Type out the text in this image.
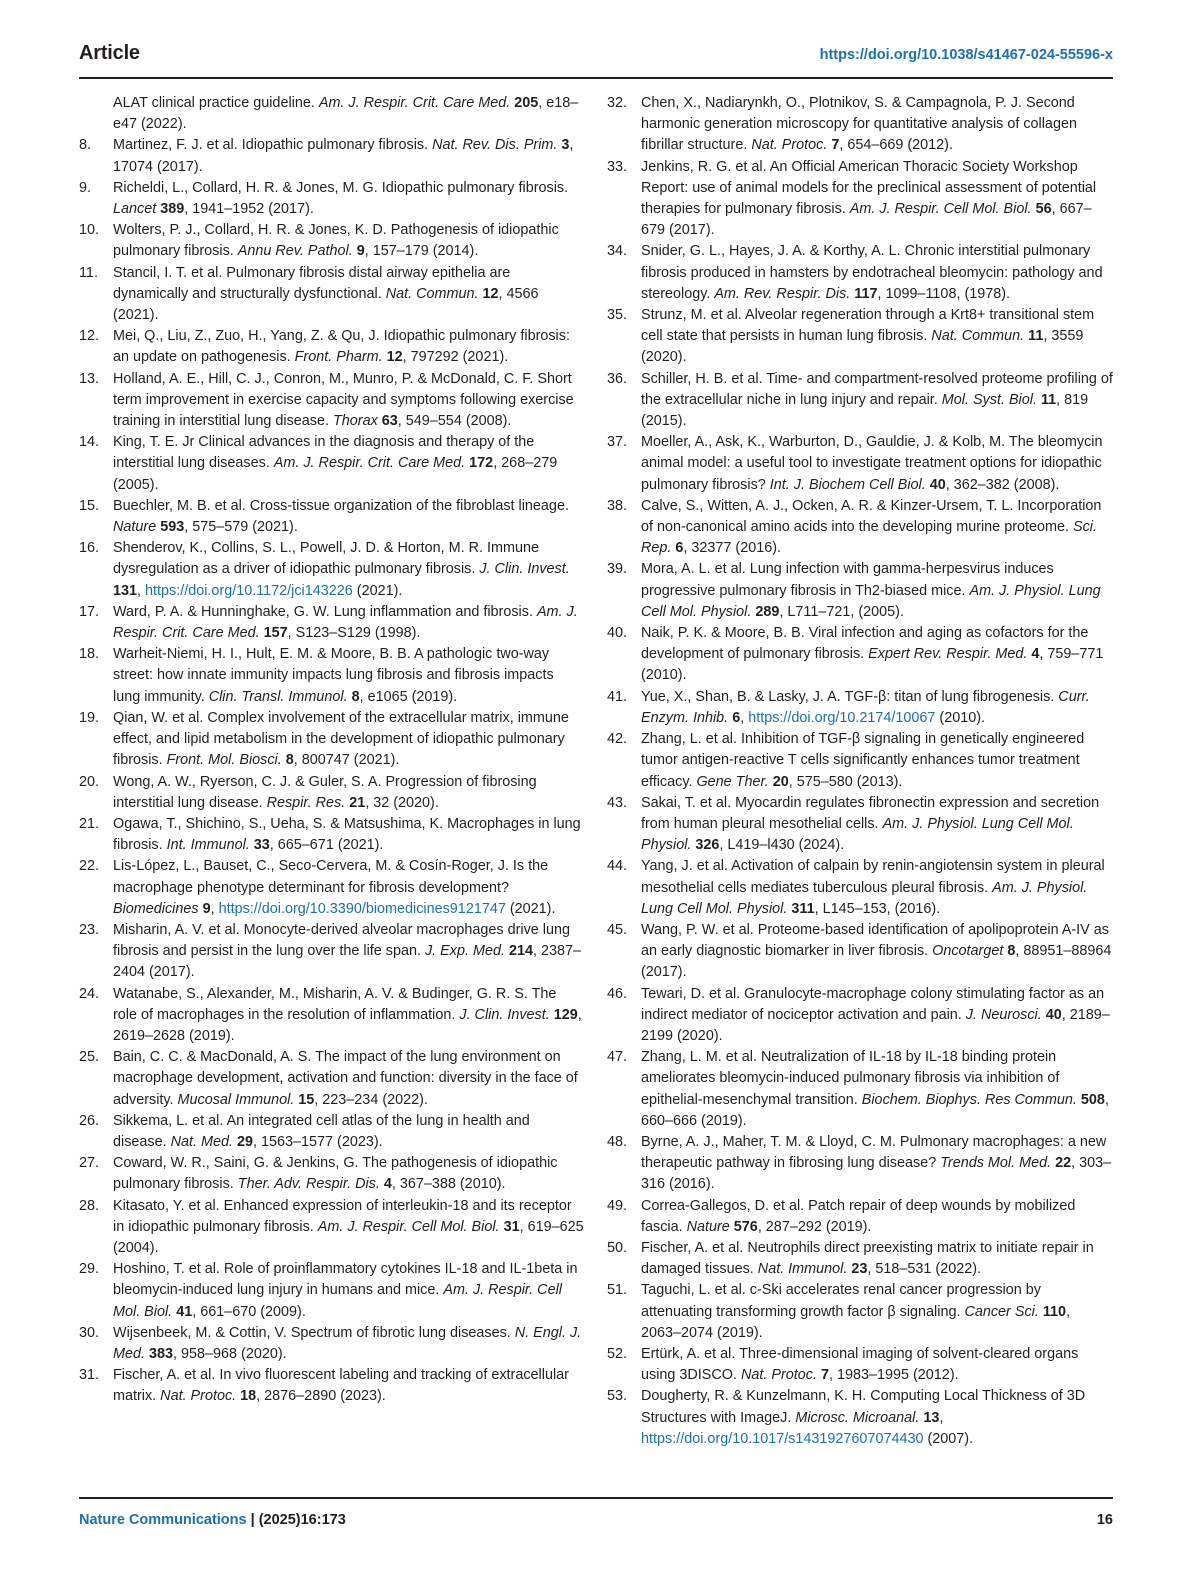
Article	https://doi.org/10.1038/s41467-024-55596-x
ALAT clinical practice guideline. Am. J. Respir. Crit. Care Med. 205, e18–e47 (2022).
8.	Martinez, F. J. et al. Idiopathic pulmonary fibrosis. Nat. Rev. Dis. Prim. 3, 17074 (2017).
9.	Richeldi, L., Collard, H. R. & Jones, M. G. Idiopathic pulmonary fibrosis. Lancet 389, 1941–1952 (2017).
10. Wolters, P. J., Collard, H. R. & Jones, K. D. Pathogenesis of idiopathic pulmonary fibrosis. Annu Rev. Pathol. 9, 157–179 (2014).
11.	Stancil, I. T. et al. Pulmonary fibrosis distal airway epithelia are dynamically and structurally dysfunctional. Nat. Commun. 12, 4566 (2021).
12. Mei, Q., Liu, Z., Zuo, H., Yang, Z. & Qu, J. Idiopathic pulmonary fibrosis: an update on pathogenesis. Front. Pharm. 12, 797292 (2021).
13. Holland, A. E., Hill, C. J., Conron, M., Munro, P. & McDonald, C. F. Short term improvement in exercise capacity and symptoms following exercise training in interstitial lung disease. Thorax 63, 549–554 (2008).
14. King, T. E. Jr Clinical advances in the diagnosis and therapy of the interstitial lung diseases. Am. J. Respir. Crit. Care Med. 172, 268–279 (2005).
15. Buechler, M. B. et al. Cross-tissue organization of the fibroblast lineage. Nature 593, 575–579 (2021).
16. Shenderov, K., Collins, S. L., Powell, J. D. & Horton, M. R. Immune dysregulation as a driver of idiopathic pulmonary fibrosis. J. Clin. Invest. 131, https://doi.org/10.1172/jci143226 (2021).
17. Ward, P. A. & Hunninghake, G. W. Lung inflammation and fibrosis. Am. J. Respir. Crit. Care Med. 157, S123–S129 (1998).
18. Warheit-Niemi, H. I., Hult, E. M. & Moore, B. B. A pathologic two-way street: how innate immunity impacts lung fibrosis and fibrosis impacts lung immunity. Clin. Transl. Immunol. 8, e1065 (2019).
19. Qian, W. et al. Complex involvement of the extracellular matrix, immune effect, and lipid metabolism in the development of idiopathic pulmonary fibrosis. Front. Mol. Biosci. 8, 800747 (2021).
20. Wong, A. W., Ryerson, C. J. & Guler, S. A. Progression of fibrosing interstitial lung disease. Respir. Res. 21, 32 (2020).
21. Ogawa, T., Shichino, S., Ueha, S. & Matsushima, K. Macrophages in lung fibrosis. Int. Immunol. 33, 665–671 (2021).
22. Lis-López, L., Bauset, C., Seco-Cervera, M. & Cosín-Roger, J. Is the macrophage phenotype determinant for fibrosis development? Biomedicines 9, https://doi.org/10.3390/biomedicines9121747 (2021).
23. Misharin, A. V. et al. Monocyte-derived alveolar macrophages drive lung fibrosis and persist in the lung over the life span. J. Exp. Med. 214, 2387–2404 (2017).
24. Watanabe, S., Alexander, M., Misharin, A. V. & Budinger, G. R. S. The role of macrophages in the resolution of inflammation. J. Clin. Invest. 129, 2619–2628 (2019).
25. Bain, C. C. & MacDonald, A. S. The impact of the lung environment on macrophage development, activation and function: diversity in the face of adversity. Mucosal Immunol. 15, 223–234 (2022).
26. Sikkema, L. et al. An integrated cell atlas of the lung in health and disease. Nat. Med. 29, 1563–1577 (2023).
27. Coward, W. R., Saini, G. & Jenkins, G. The pathogenesis of idiopathic pulmonary fibrosis. Ther. Adv. Respir. Dis. 4, 367–388 (2010).
28. Kitasato, Y. et al. Enhanced expression of interleukin-18 and its receptor in idiopathic pulmonary fibrosis. Am. J. Respir. Cell Mol. Biol. 31, 619–625 (2004).
29. Hoshino, T. et al. Role of proinflammatory cytokines IL-18 and IL-1beta in bleomycin-induced lung injury in humans and mice. Am. J. Respir. Cell Mol. Biol. 41, 661–670 (2009).
30. Wijsenbeek, M. & Cottin, V. Spectrum of fibrotic lung diseases. N. Engl. J. Med. 383, 958–968 (2020).
31. Fischer, A. et al. In vivo fluorescent labeling and tracking of extracellular matrix. Nat. Protoc. 18, 2876–2890 (2023).
32. Chen, X., Nadiarynkh, O., Plotnikov, S. & Campagnola, P. J. Second harmonic generation microscopy for quantitative analysis of collagen fibrillar structure. Nat. Protoc. 7, 654–669 (2012).
33. Jenkins, R. G. et al. An Official American Thoracic Society Workshop Report: use of animal models for the preclinical assessment of potential therapies for pulmonary fibrosis. Am. J. Respir. Cell Mol. Biol. 56, 667–679 (2017).
34. Snider, G. L., Hayes, J. A. & Korthy, A. L. Chronic interstitial pulmonary fibrosis produced in hamsters by endotracheal bleomycin: pathology and stereology. Am. Rev. Respir. Dis. 117, 1099–1108, (1978).
35. Strunz, M. et al. Alveolar regeneration through a Krt8+ transitional stem cell state that persists in human lung fibrosis. Nat. Commun. 11, 3559 (2020).
36. Schiller, H. B. et al. Time- and compartment-resolved proteome profiling of the extracellular niche in lung injury and repair. Mol. Syst. Biol. 11, 819 (2015).
37. Moeller, A., Ask, K., Warburton, D., Gauldie, J. & Kolb, M. The bleomycin animal model: a useful tool to investigate treatment options for idiopathic pulmonary fibrosis? Int. J. Biochem Cell Biol. 40, 362–382 (2008).
38. Calve, S., Witten, A. J., Ocken, A. R. & Kinzer-Ursem, T. L. Incorporation of non-canonical amino acids into the developing murine proteome. Sci. Rep. 6, 32377 (2016).
39. Mora, A. L. et al. Lung infection with gamma-herpesvirus induces progressive pulmonary fibrosis in Th2-biased mice. Am. J. Physiol. Lung Cell Mol. Physiol. 289, L711–721, (2005).
40. Naik, P. K. & Moore, B. B. Viral infection and aging as cofactors for the development of pulmonary fibrosis. Expert Rev. Respir. Med. 4, 759–771 (2010).
41. Yue, X., Shan, B. & Lasky, J. A. TGF-β: titan of lung fibrogenesis. Curr. Enzym. Inhib. 6, https://doi.org/10.2174/10067 (2010).
42. Zhang, L. et al. Inhibition of TGF-β signaling in genetically engineered tumor antigen-reactive T cells significantly enhances tumor treatment efficacy. Gene Ther. 20, 575–580 (2013).
43. Sakai, T. et al. Myocardin regulates fibronectin expression and secretion from human pleural mesothelial cells. Am. J. Physiol. Lung Cell Mol. Physiol. 326, L419–l430 (2024).
44. Yang, J. et al. Activation of calpain by renin-angiotensin system in pleural mesothelial cells mediates tuberculous pleural fibrosis. Am. J. Physiol. Lung Cell Mol. Physiol. 311, L145–153, (2016).
45. Wang, P. W. et al. Proteome-based identification of apolipoprotein A-IV as an early diagnostic biomarker in liver fibrosis. Oncotarget 8, 88951–88964 (2017).
46. Tewari, D. et al. Granulocyte-macrophage colony stimulating factor as an indirect mediator of nociceptor activation and pain. J. Neurosci. 40, 2189–2199 (2020).
47. Zhang, L. M. et al. Neutralization of IL-18 by IL-18 binding protein ameliorates bleomycin-induced pulmonary fibrosis via inhibition of epithelial-mesenchymal transition. Biochem. Biophys. Res Commun. 508, 660–666 (2019).
48. Byrne, A. J., Maher, T. M. & Lloyd, C. M. Pulmonary macrophages: a new therapeutic pathway in fibrosing lung disease? Trends Mol. Med. 22, 303–316 (2016).
49. Correa-Gallegos, D. et al. Patch repair of deep wounds by mobilized fascia. Nature 576, 287–292 (2019).
50. Fischer, A. et al. Neutrophils direct preexisting matrix to initiate repair in damaged tissues. Nat. Immunol. 23, 518–531 (2022).
51. Taguchi, L. et al. c-Ski accelerates renal cancer progression by attenuating transforming growth factor β signaling. Cancer Sci. 110, 2063–2074 (2019).
52. Ertürk, A. et al. Three-dimensional imaging of solvent-cleared organs using 3DISCO. Nat. Protoc. 7, 1983–1995 (2012).
53. Dougherty, R. & Kunzelmann, K. H. Computing Local Thickness of 3D Structures with ImageJ. Microsc. Microanal. 13, https://doi.org/10.1017/s1431927607074430 (2007).
Nature Communications | (2025)16:173	16
